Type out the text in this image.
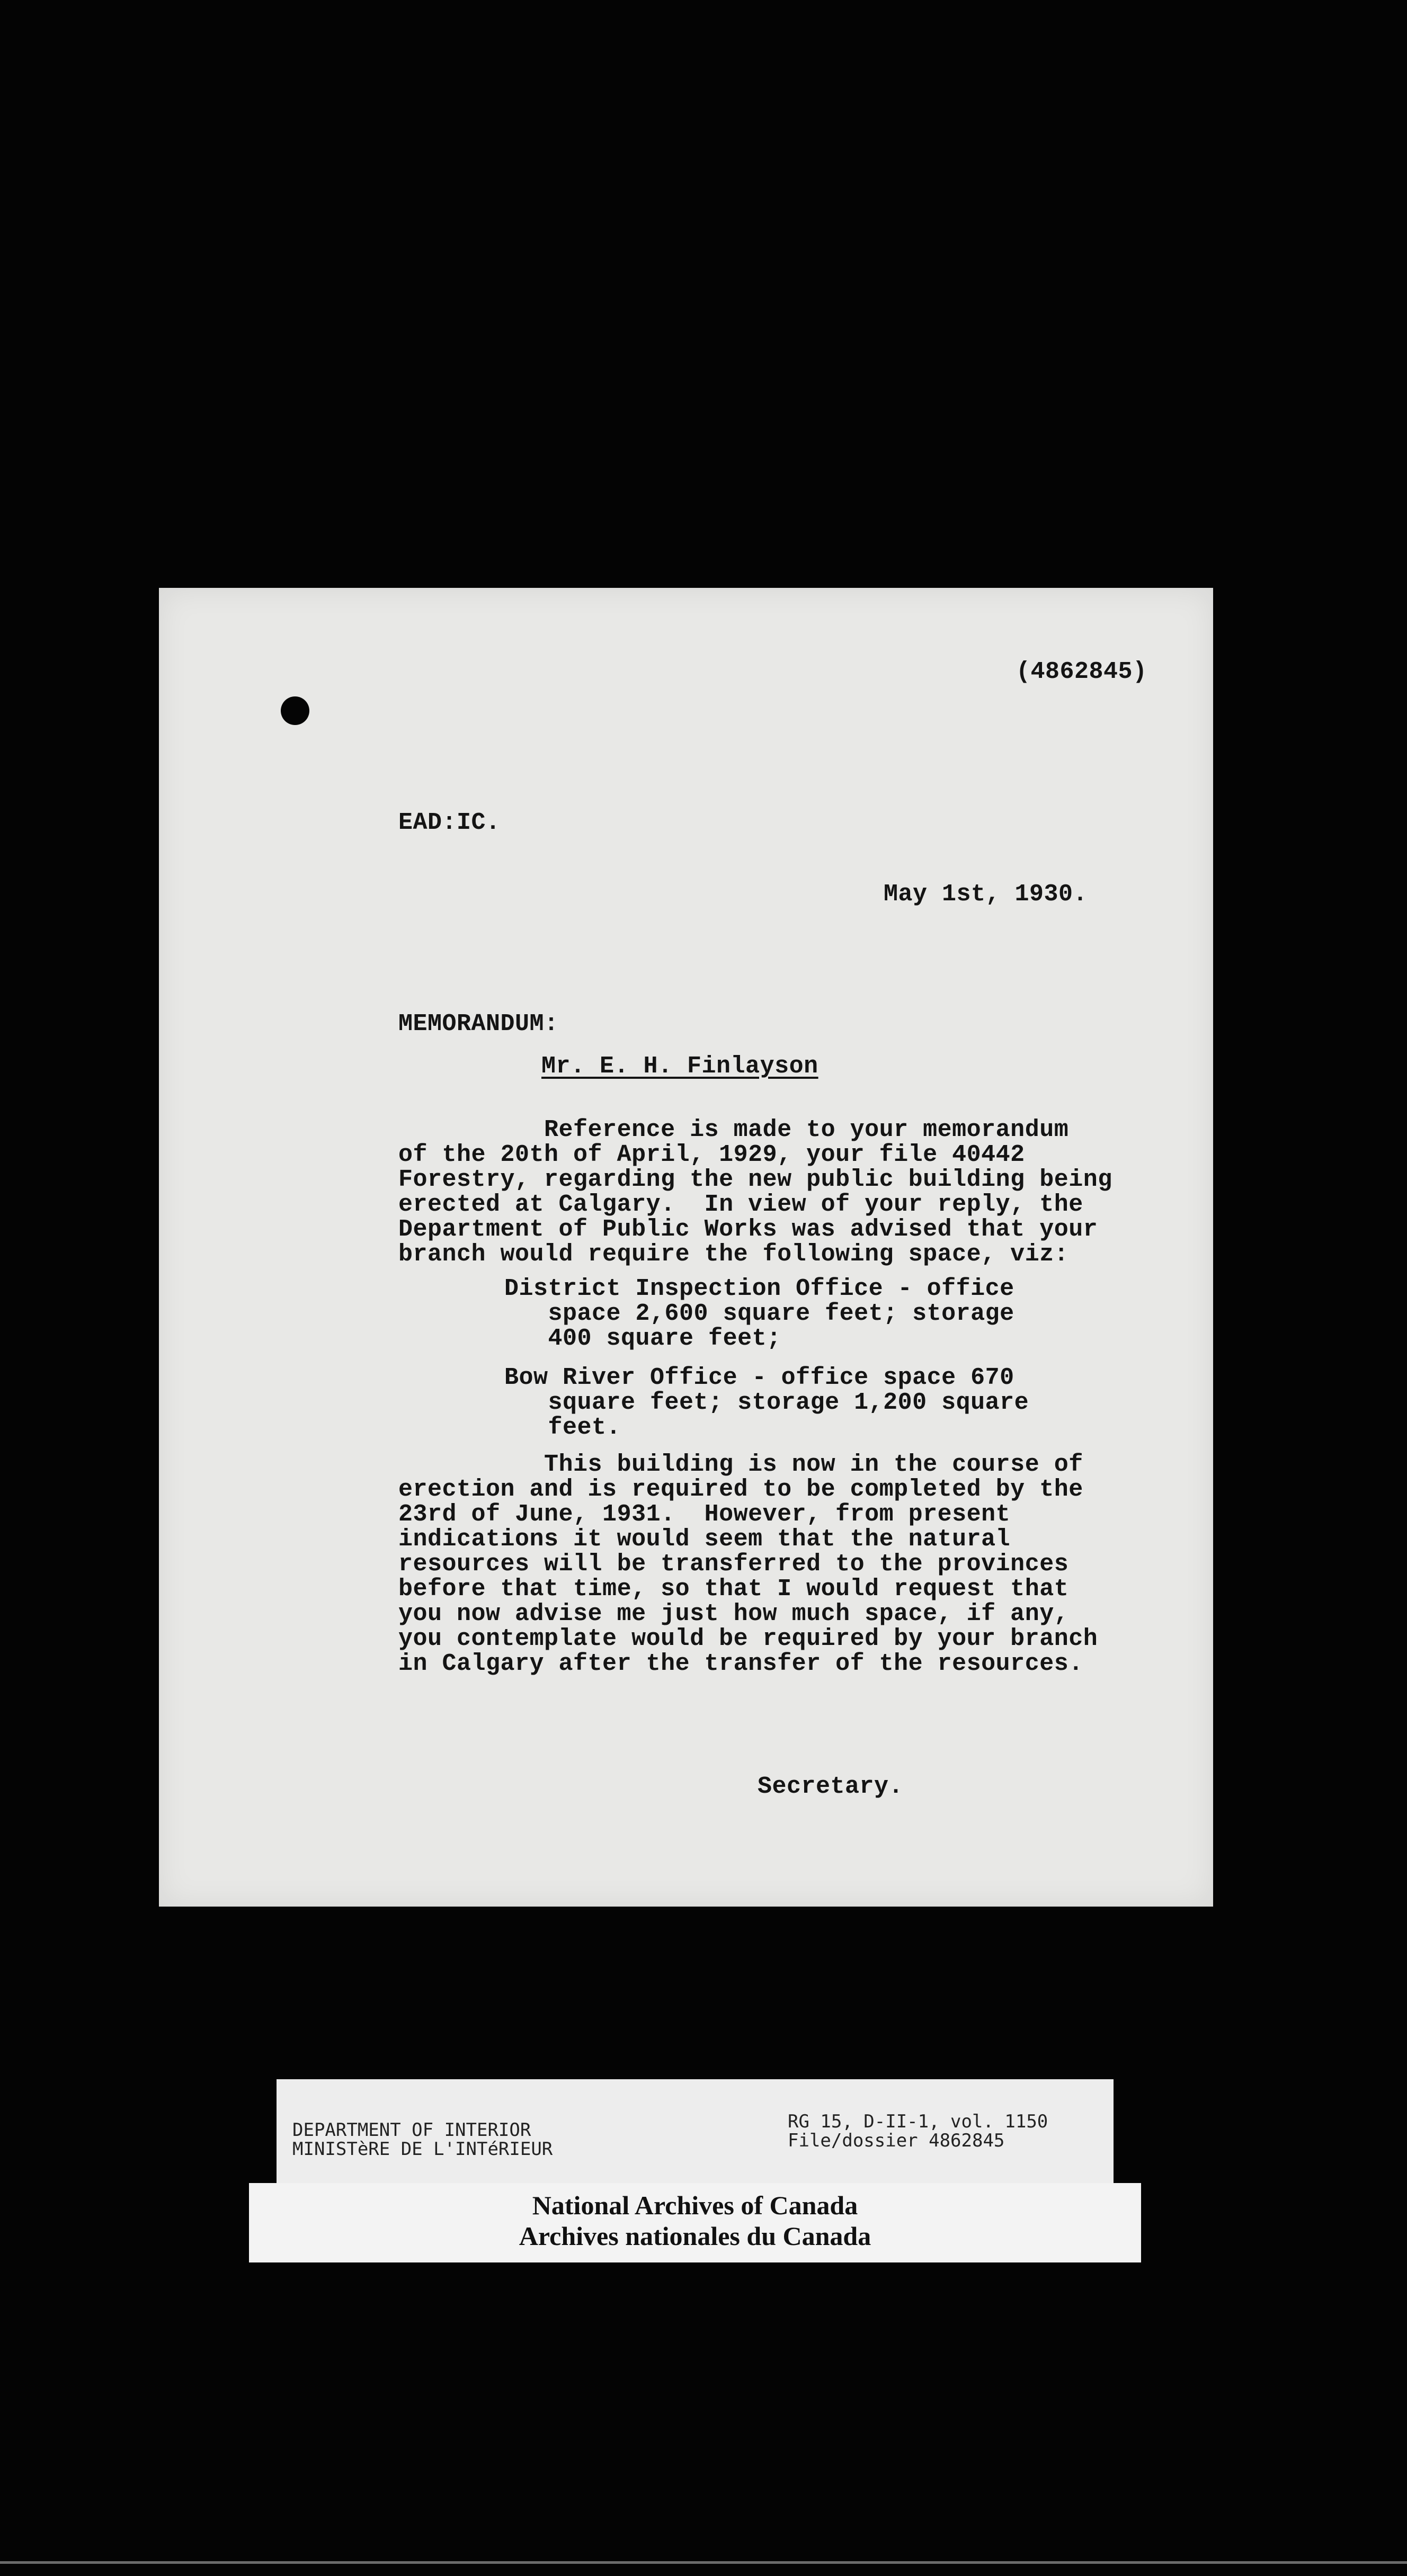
(4862845)
EAD:IC.
May 1st, 1930.
MEMORANDUM:
Mr. E. H. Finlayson
Reference is made to your memorandum
of the 20th of April, 1929, your file 40442
Forestry, regarding the new public building being
erected at Calgary.  In view of your reply, the
Department of Public Works was advised that your
branch would require the following space, viz:
District Inspection Office - office
space 2,600 square feet; storage
400 square feet;
Bow River Office - office space 670
square feet; storage 1,200 square
feet.
This building is now in the course of
erection and is required to be completed by the
23rd of June, 1931.  However, from present
indications it would seem that the natural
resources will be transferred to the provinces
before that time, so that I would request that
you now advise me just how much space, if any,
you contemplate would be required by your branch
in Calgary after the transfer of the resources.
Secretary.
DEPARTMENT OF INTERIOR
MINISTèRE DE L'INTéRIEUR
RG 15, D-II-1, vol. 1150
File/dossier 4862845
National Archives of Canada
Archives nationales du Canada
